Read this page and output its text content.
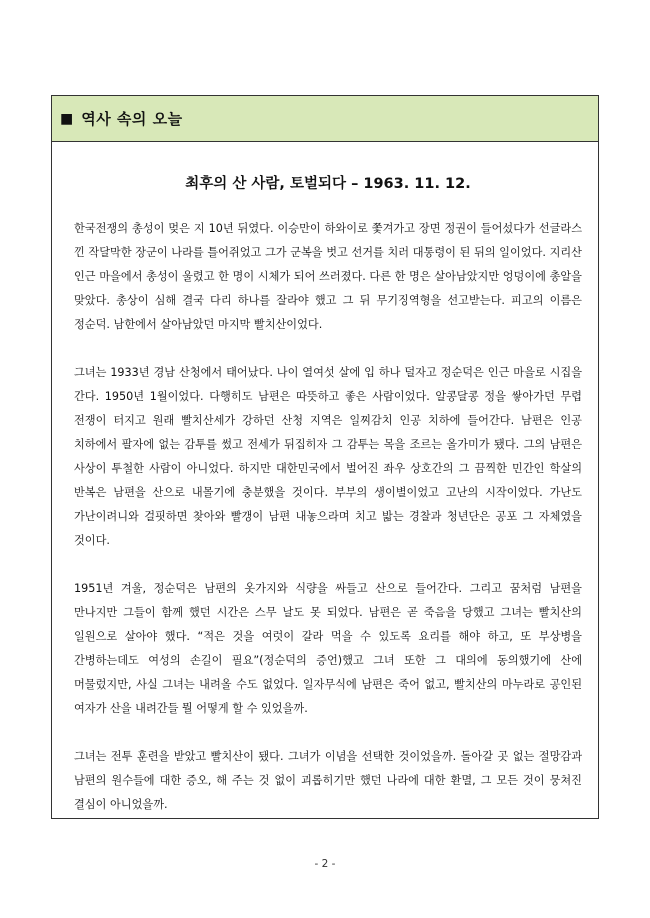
■ 역사 속의 오늘
최후의 산 사람, 토벌되다 – 1963. 11. 12.

한국전쟁의 총성이 멎은 지 10년 뒤였다. 이승만이 하와이로 쫓겨가고 장면 정권이 들어섰다가 선글라스 낀 작달막한 장군이 나라를 틀어쥐었고 그가 군복을 벗고 선거를 치러 대통령이 된 뒤의 일이었다. 지리산 인근 마을에서 총성이 울렸고 한 명이 시체가 되어 쓰러졌다. 다른 한 명은 살아남았지만 엉덩이에 총알을 맞았다. 총상이 심해 결국 다리 하나를 잘라야 했고 그 뒤 무기징역형을 선고받는다. 피고의 이름은 정순덕. 남한에서 살아남았던 마지막 빨치산이었다.

그녀는 1933년 경남 산청에서 태어났다. 나이 열여섯 살에 입 하나 덜자고 정순덕은 인근 마을로 시집을 간다. 1950년 1월이었다. 다행히도 남편은 따뜻하고 좋은 사람이었다. 알콩달콩 정을 쌓아가던 무렵 전쟁이 터지고 원래 빨치산세가 강하던 산청 지역은 일찌감치 인공 치하에 들어간다. 남편은 인공 치하에서 팔자에 없는 감투를 썼고 전세가 뒤집히자 그 감투는 목을 조르는 올가미가 됐다. 그의 남편은 사상이 투철한 사람이 아니었다. 하지만 대한민국에서 벌어진 좌우 상호간의 그 끔찍한 민간인 학살의 반복은 남편을 산으로 내몰기에 충분했을 것이다. 부부의 생이별이었고 고난의 시작이었다. 가난도 가난이려니와 걸핏하면 찾아와 빨갱이 남편 내놓으라며 치고 밟는 경찰과 청년단은 공포 그 자체였을 것이다.

1951년 겨울, 정순덕은 남편의 옷가지와 식량을 싸들고 산으로 들어간다. 그리고 꿈처럼 남편을 만나지만 그들이 함께 했던 시간은 스무 날도 못 되었다. 남편은 곧 죽음을 당했고 그녀는 빨치산의 일원으로 살아야 했다. “적은 것을 여럿이 갈라 먹을 수 있도록 요리를 해야 하고, 또 부상병을 간병하는데도 여성의 손길이 필요”(정순덕의 증언)했고 그녀 또한 그 대의에 동의했기에 산에 머물렀지만, 사실 그녀는 내려올 수도 없었다. 일자무식에 남편은 죽어 없고, 빨치산의 마누라로 공인된 여자가 산을 내려간들 뭘 어떻게 할 수 있었을까.

그녀는 전투 훈련을 받았고 빨치산이 됐다. 그녀가 이념을 선택한 것이었을까. 돌아갈 곳 없는 절망감과 남편의 원수들에 대한 증오, 해 주는 것 없이 괴롭히기만 했던 나라에 대한 환멸, 그 모든 것이 뭉쳐진 결심이 아니었을까.

- 2 -
